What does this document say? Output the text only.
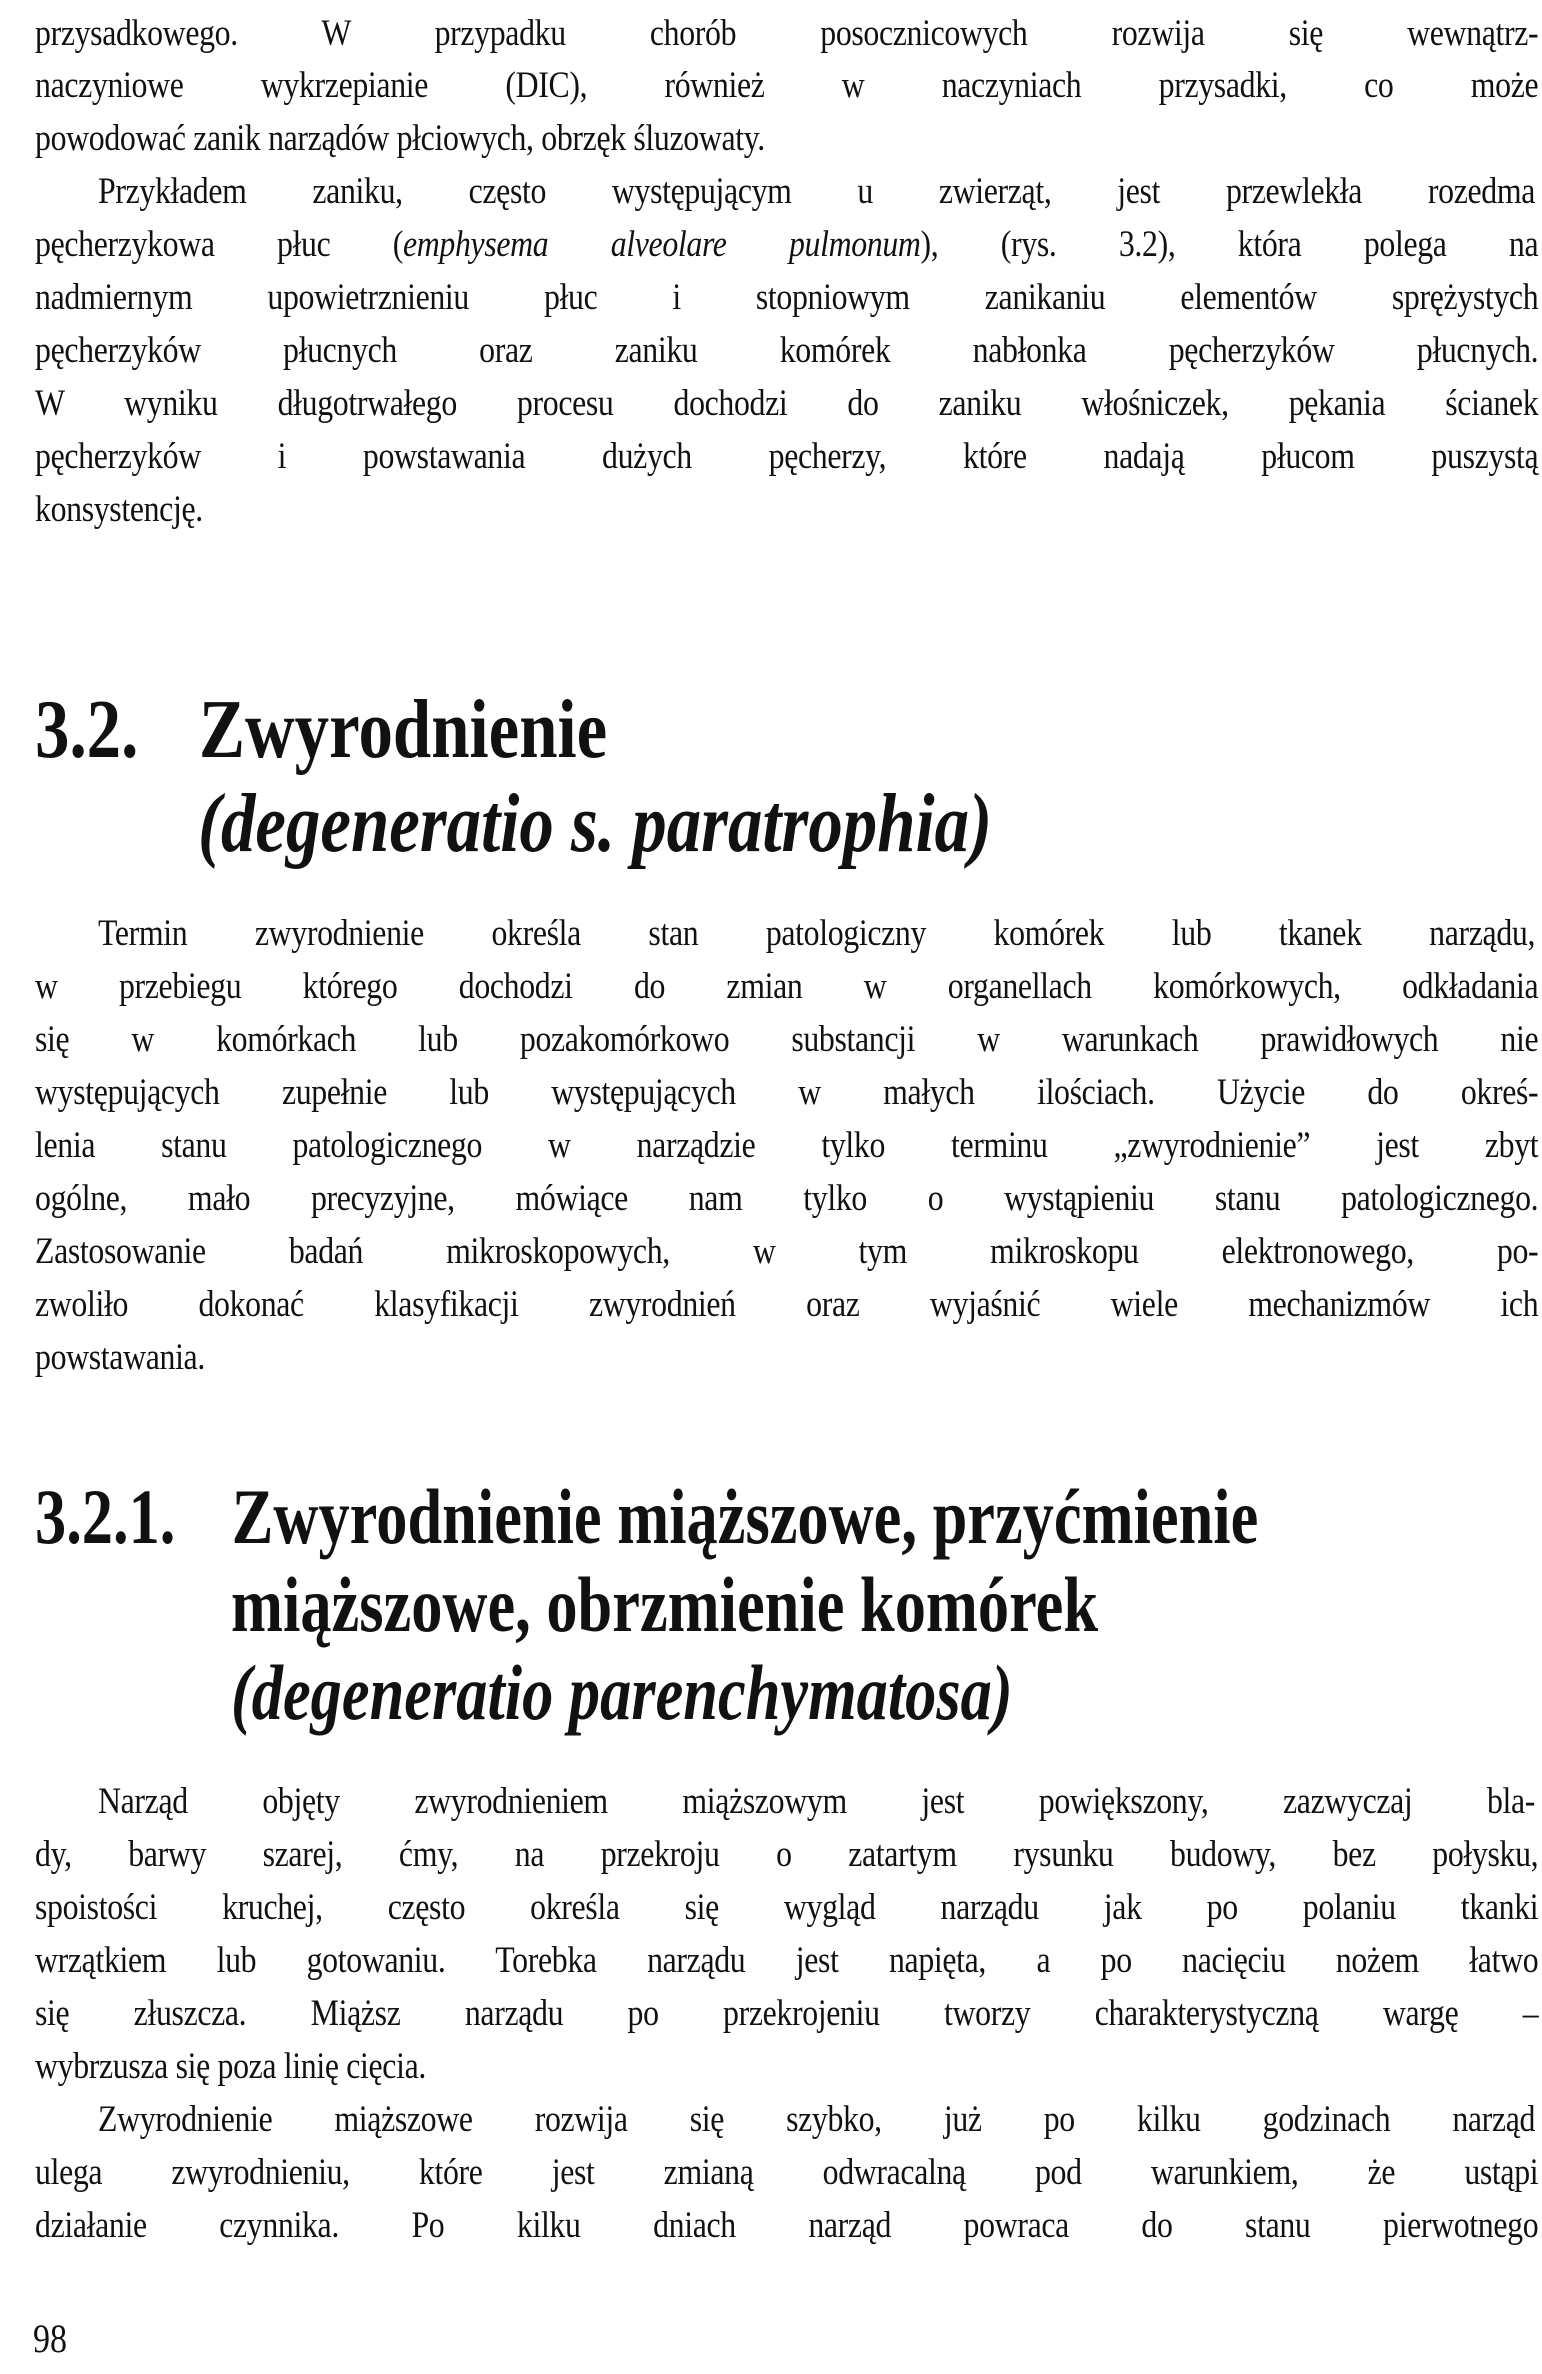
przysadkowego. W przypadku chorób posocznicowych rozwija się wewnątrz-
naczyniowe wykrzepianie (DIC), również w naczyniach przysadki, co może
powodować zanik narządów płciowych, obrzęk śluzowaty.
Przykładem zaniku, często występującym u zwierząt, jest przewlekła rozedma
pęcherzykowa płuc (emphysema alveolare pulmonum), (rys. 3.2), która polega na
nadmiernym upowietrznieniu płuc i stopniowym zanikaniu elementów sprężystych
pęcherzyków płucnych oraz zaniku komórek nabłonka pęcherzyków płucnych.
W wyniku długotrwałego procesu dochodzi do zaniku włośniczek, pękania ścianek
pęcherzyków i powstawania dużych pęcherzy, które nadają płucom puszystą
konsystencję.
3.2. Zwyrodnienie
(degeneratio s. paratrophia)
Termin zwyrodnienie określa stan patologiczny komórek lub tkanek narządu,
w przebiegu którego dochodzi do zmian w organellach komórkowych, odkładania
się w komórkach lub pozakomórkowo substancji w warunkach prawidłowych nie
występujących zupełnie lub występujących w małych ilościach. Użycie do okreś-
lenia stanu patologicznego w narządzie tylko terminu „zwyrodnienie” jest zbyt
ogólne, mało precyzyjne, mówiące nam tylko o wystąpieniu stanu patologicznego.
Zastosowanie badań mikroskopowych, w tym mikroskopu elektronowego, po-
zwoliło dokonać klasyfikacji zwyrodnień oraz wyjaśnić wiele mechanizmów ich
powstawania.
3.2.1. Zwyrodnienie miąższowe, przyćmienie
miąższowe, obrzmienie komórek
(degeneratio parenchymatosa)
Narząd objęty zwyrodnieniem miąższowym jest powiększony, zazwyczaj bla-
dy, barwy szarej, ćmy, na przekroju o zatartym rysunku budowy, bez połysku,
spoistości kruchej, często określa się wygląd narządu jak po polaniu tkanki
wrzątkiem lub gotowaniu. Torebka narządu jest napięta, a po nacięciu nożem łatwo
się złuszcza. Miąższ narządu po przekrojeniu tworzy charakterystyczną wargę –
wybrzusza się poza linię cięcia.
Zwyrodnienie miąższowe rozwija się szybko, już po kilku godzinach narząd
ulega zwyrodnieniu, które jest zmianą odwracalną pod warunkiem, że ustąpi
działanie czynnika. Po kilku dniach narząd powraca do stanu pierwotnego
98
